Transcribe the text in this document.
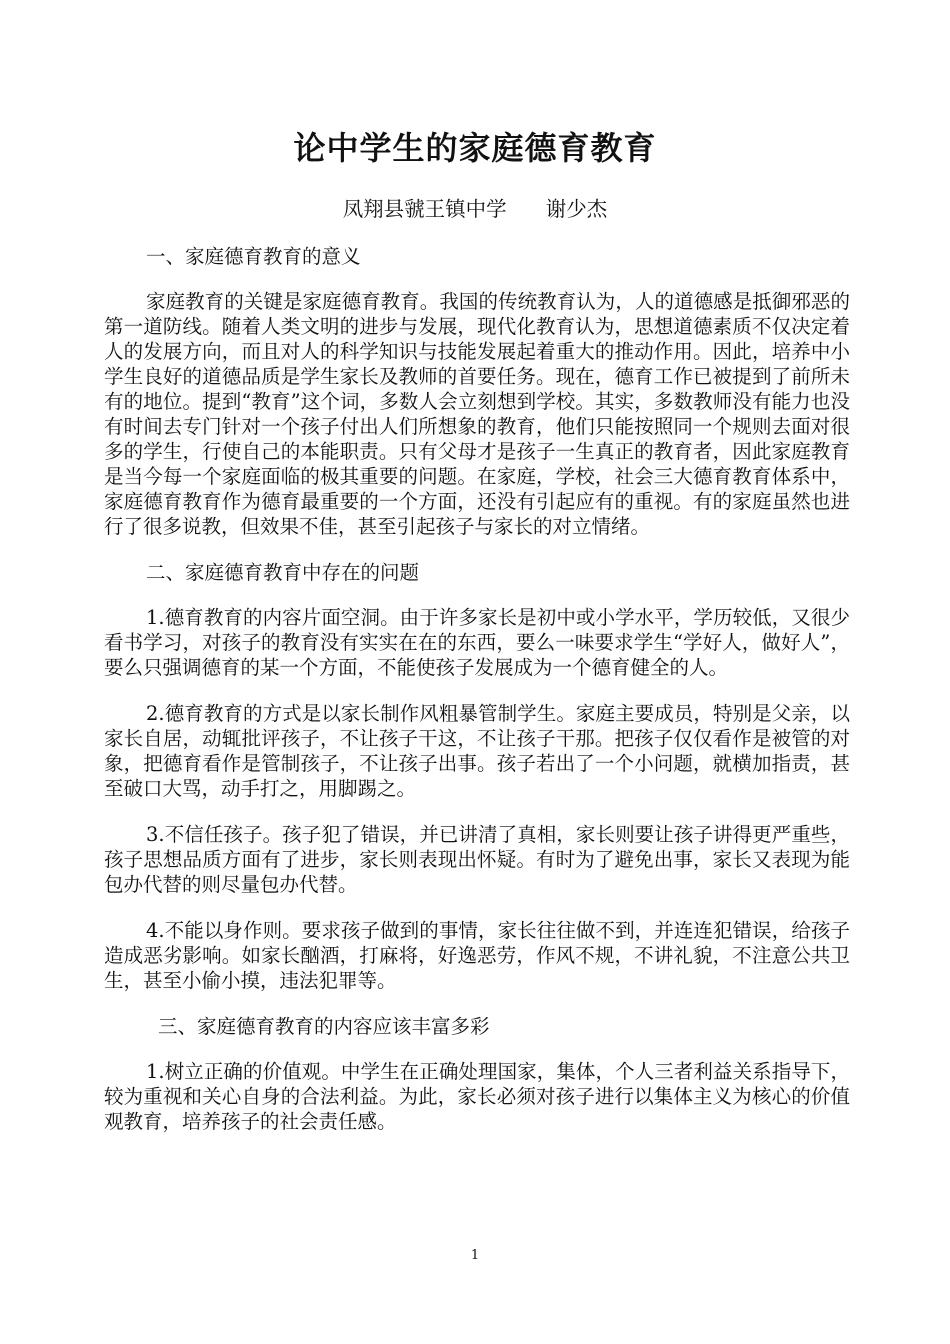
论中学生的家庭德育教育
凤翔县虢王镇中学      谢少杰
一、家庭德育教育的意义

家庭教育的关键是家庭德育教育。我国的传统教育认为，人的道德感是抵御邪恶的第一道防线。随着人类文明的进步与发展，现代化教育认为，思想道德素质不仅决定着人的发展方向，而且对人的科学知识与技能发展起着重大的推动作用。因此，培养中小学生良好的道德品质是学生家长及教师的首要任务。现在，德育工作已被提到了前所未有的地位。提到“教育”这个词，多数人会立刻想到学校。其实，多数教师没有能力也没有时间去专门针对一个孩子付出人们所想象的教育，他们只能按照同一个规则去面对很多的学生，行使自己的本能职责。只有父母才是孩子一生真正的教育者，因此家庭教育是当今每一个家庭面临的极其重要的问题。在家庭，学校，社会三大德育教育体系中，家庭德育教育作为德育最重要的一个方面，还没有引起应有的重视。有的家庭虽然也进行了很多说教，但效果不佳，甚至引起孩子与家长的对立情绪。

二、家庭德育教育中存在的问题

1.德育教育的内容片面空洞。由于许多家长是初中或小学水平，学历较低，又很少看书学习，对孩子的教育没有实实在在的东西，要么一味要求学生“学好人，做好人”，要么只强调德育的某一个方面，不能使孩子发展成为一个德育健全的人。

2.德育教育的方式是以家长制作风粗暴管制学生。家庭主要成员，特别是父亲，以家长自居，动辄批评孩子，不让孩子干这，不让孩子干那。把孩子仅仅看作是被管的对象，把德育看作是管制孩子，不让孩子出事。孩子若出了一个小问题，就横加指责，甚至破口大骂，动手打之，用脚踢之。

3.不信任孩子。孩子犯了错误，并已讲清了真相，家长则要让孩子讲得更严重些，孩子思想品质方面有了进步，家长则表现出怀疑。有时为了避免出事，家长又表现为能包办代替的则尽量包办代替。

4.不能以身作则。要求孩子做到的事情，家长往往做不到，并连连犯错误，给孩子造成恶劣影响。如家长酗酒，打麻将，好逸恶劳，作风不规，不讲礼貌，不注意公共卫生，甚至小偷小摸，违法犯罪等。

三、家庭德育教育的内容应该丰富多彩

1.树立正确的价值观。中学生在正确处理国家，集体，个人三者利益关系指导下，较为重视和关心自身的合法利益。为此，家长必须对孩子进行以集体主义为核心的价值观教育，培养孩子的社会责任感。

1
